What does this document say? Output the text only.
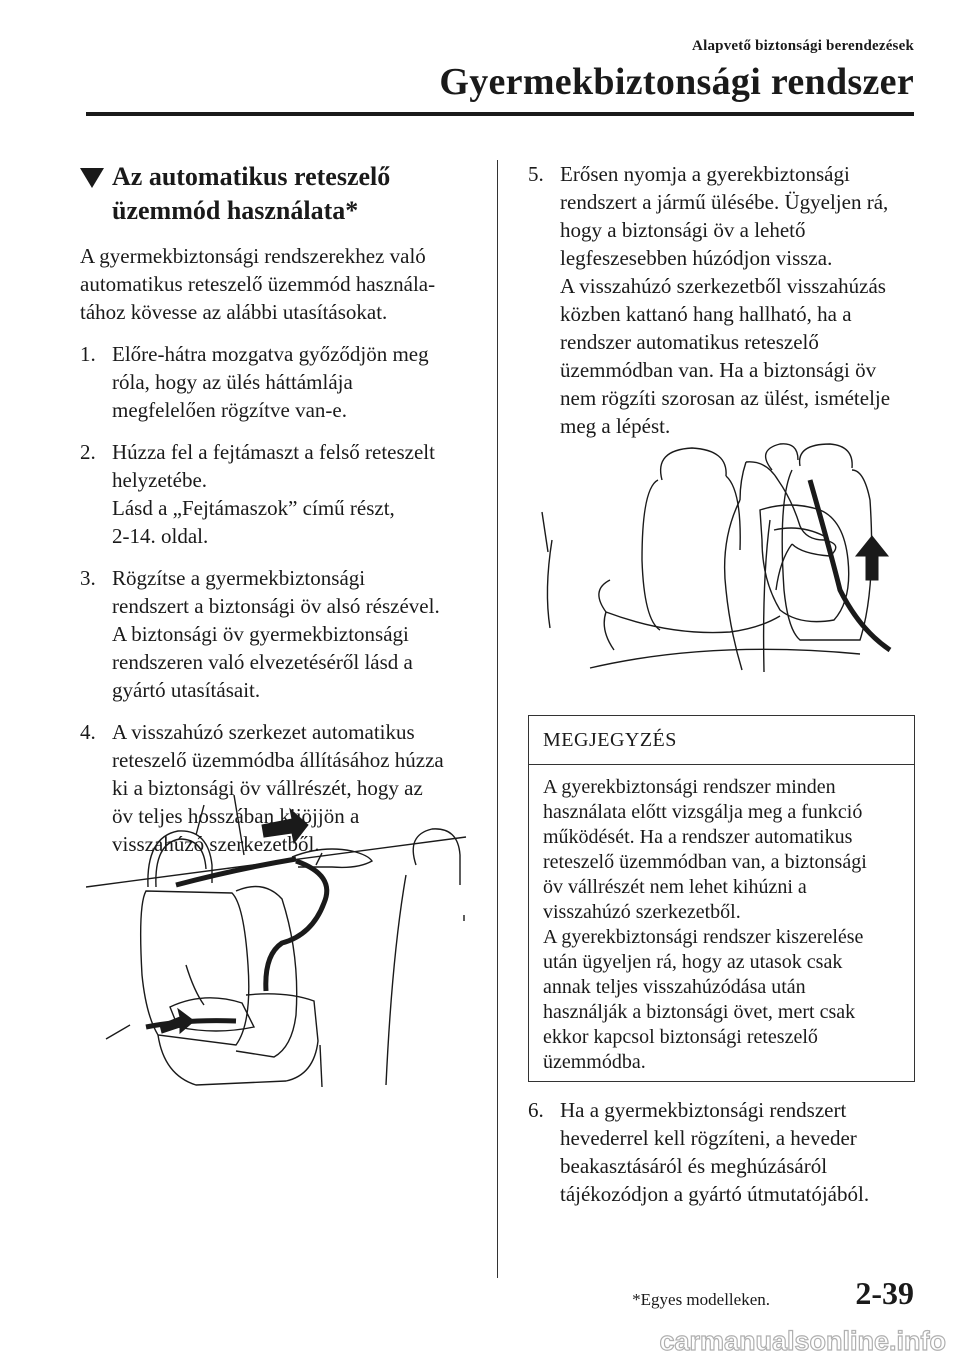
Alapvető biztonsági berendezések
Gyermekbiztonsági rendszer
Az automatikus reteszelő
üzemmód használata*

A gyermekbiztonsági rendszerekhez való
automatikus reteszelő üzemmód használa-
tához kövesse az alábbi utasításokat.

1. Előre-hátra mozgatva győződjön meg
róla, hogy az ülés háttámlája
megfelelően rögzítve van-e.
2. Húzza fel a fejtámaszt a felső reteszelt
helyzetébe.
Lásd a „Fejtámaszok” című részt,
2-14. oldal.
3. Rögzítse a gyermekbiztonsági
rendszert a biztonsági öv alsó részével.
A biztonsági öv gyermekbiztonsági
rendszeren való elvezetéséről lásd a
gyártó utasításait.
4. A visszahúzó szerkezet automatikus
reteszelő üzemmódba állításához húzza
ki a biztonsági öv vállrészét, hogy az
öv teljes hosszában kijöjjön a
visszahúzó szerkezetből.
5. Erősen nyomja a gyerekbiztonsági
rendszert a jármű ülésébe. Ügyeljen rá,
hogy a biztonsági öv a lehető
legfeszesebben húzódjon vissza.
A visszahúzó szerkezetből visszahúzás
közben kattanó hang hallható, ha a
rendszer automatikus reteszelő
üzemmódban van. Ha a biztonsági öv
nem rögzíti szorosan az ülést, ismételje
meg a lépést.
MEGJEGYZÉS
A gyerekbiztonsági rendszer minden
használata előtt vizsgálja meg a funkció
működését. Ha a rendszer automatikus
reteszelő üzemmódban van, a biztonsági
öv vállrészét nem lehet kihúzni a
visszahúzó szerkezetből.
A gyerekbiztonsági rendszer kiszerelése
után ügyeljen rá, hogy az utasok csak
annak teljes visszahúzódása után
használják a biztonsági övet, mert csak
ekkor kapcsol biztonsági reteszelő
üzemmódba.
6. Ha a gyermekbiztonsági rendszert
hevederrel kell rögzíteni, a heveder
beakasztásáról és meghúzásáról
tájékozódjon a gyártó útmutatójából.
*Egyes modelleken.	2-39
carmanualsonline.info
